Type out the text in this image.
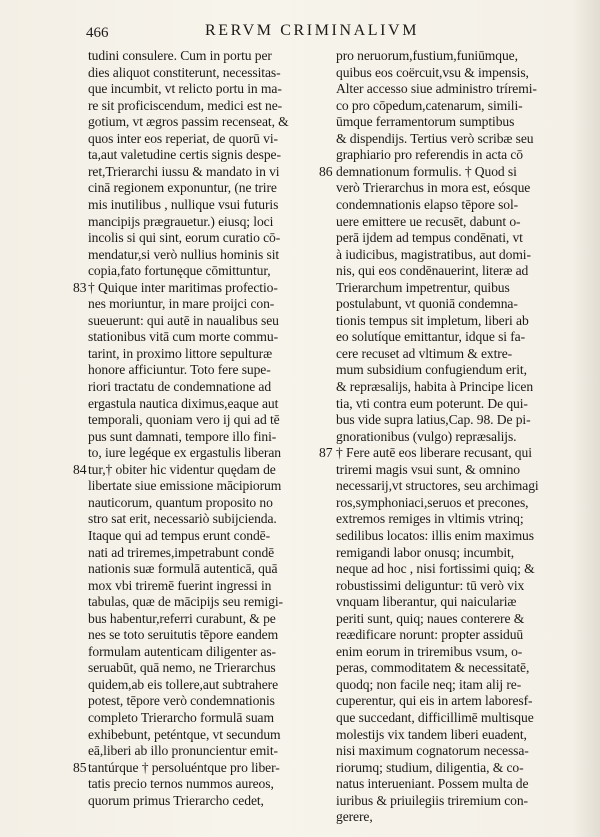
466	RERVM CRIMINALIVM
tudini consulere. Cum in portu per
dies aliquot constiterunt, necessitas-
que incumbit, vt relicto portu in ma-
re sit proficiscendum, medici est ne-
gotium, vt ægros passim recenseat, &
quos inter eos reperiat, de quorū vi-
ta,aut valetudine certis signis despe-
ret,Trierarchi iussu & mandato in vi
cinā regionem exponuntur, (ne trire
mis inutilibus , nullique vsui futuris
mancipijs prægrauetur.) eiusq; loci
incolis si qui sint, eorum curatio cō-
mendatur,si verò nullius hominis sit
copia,fato fortunęque cōmittuntur,
† Quique inter maritimas profectio-
nes moriuntur, in mare proijci con-
sueuerunt: qui autē in naualibus seu
stationibus vitā cum morte commu-
tarint, in proximo littore sepulturæ
honore afficiuntur. Toto fere supe-
riori tractatu de condemnatione ad
ergastula nautica diximus,eaque aut
temporali, quoniam vero ij qui ad tē
pus sunt damnati, tempore illo fini-
to, iure legéque ex ergastulis liberan
tur,† obiter hic videntur quędam de
libertate siue emissione mācipiorum
nauticorum, quantum proposito no
stro sat erit, necessariò subijcienda.
Itaque qui ad tempus erunt condē-
nati ad triremes,impetrabunt condē
nationis suæ formulā autenticā, quā
mox vbi triremē fuerint ingressi in
tabulas, quæ de mācipijs seu remigi-
bus habentur,referri curabunt, & pe
nes se toto seruitutis tēpore eandem
formulam autenticam diligenter as-
seruabūt, quā nemo, ne Trierarchus
quidem,ab eis tollere,aut subtrahere
potest, tēpore verò condemnationis
completo Trierarcho formulā suam
exhibebunt, peténtque, vt secundum
eā,liberi ab illo pronuncientur emit-
tantúrque † persoluéntque pro liber-
tatis precio ternos nummos aureos,
quorum primus Trierarcho cedet,
pro neruorum,fustium,funiūmque,
quibus eos coërcuit,vsu & impensis,
Alter accesso siue administro tríremi-
co pro cōpedum,catenarum, simili-
ūmque ferramentorum sumptibus
& dispendijs. Tertius verò scribæ seu
graphiario pro referendis in acta cō
demnationum formulis. † Quod si
verò Trierarchus in mora est, eósque
condemnationis elapso tēpore sol-
uere emittere ue recusēt, dabunt o-
perā ijdem ad tempus condēnati, vt
à iudicibus, magistratibus, aut domi-
nis, qui eos condēnauerint, literæ ad
Trierarchum impetrentur, quibus
postulabunt, vt quoniā condemna-
tionis tempus sit impletum, liberi ab
eo solutíque emittantur, idque si fa-
cere recuset ad vltimum & extre-
mum subsidium confugiendum erit,
& repræsalijs, habita à Principe licen
tia, vti contra eum poterunt. De qui-
bus vide supra latius,Cap. 98. De pi-
gnorationibus (vulgo) repræsalijs.
† Fere autē eos liberare recusant, qui
triremi magis vsui sunt, & omnino
necessarij,vt structores, seu archimagi
ros,symphoniaci,seruos et precones,
extremos remiges in vltimis vtrinq;
sedilibus locatos: illis enim maximus
remigandi labor onusq; incumbit,
neque ad hoc , nisi fortissimi quiq; &
robustissimi deliguntur: tū verò vix
vnquam liberantur, qui naiculariæ
periti sunt, quiq; naues conterere &
reædificare norunt: propter assiduū
enim eorum in triremibus vsum, o-
peras, commoditatem & necessitatē,
quodq; non facile neq; itam alij re-
cuperentur, qui eis in artem laboresf-
que succedant, difficillimē multisque
molestijs vix tandem liberi euadent,
nisi maximum cognatorum necessa-
riorumq; studium, diligentia, & co-
natus interueniant. Possem multa de
iuribus & priuilegiis triremium con-
gerere,
86
83
87
84
85
